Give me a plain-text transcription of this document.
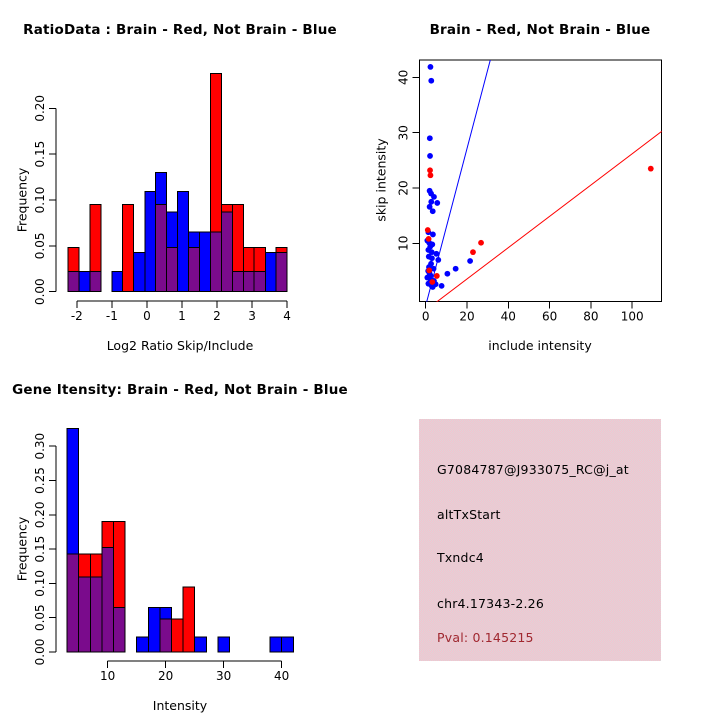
0.00
0.05
0.10
0.15
0.20
-2 -1 0 1 2 3 4
RatioData : Brain - Red, Not Brain - Blue
Log2 Ratio Skip/Include
Frequency
0 20 40 60 80 100
10
20
30
40
Brain - Red, Not Brain - Blue
include intensity
skip intensity
0.00
0.05
0.10
0.15
0.20
0.25
0.30
10	20	30	40
Gene Itensity: Brain - Red, Not Brain - Blue
Intensity
Frequency
G7084787@J933075_RC@j_at
altTxStart
Txndc4
chr4.17343-2.26
Pval: 0.145215
